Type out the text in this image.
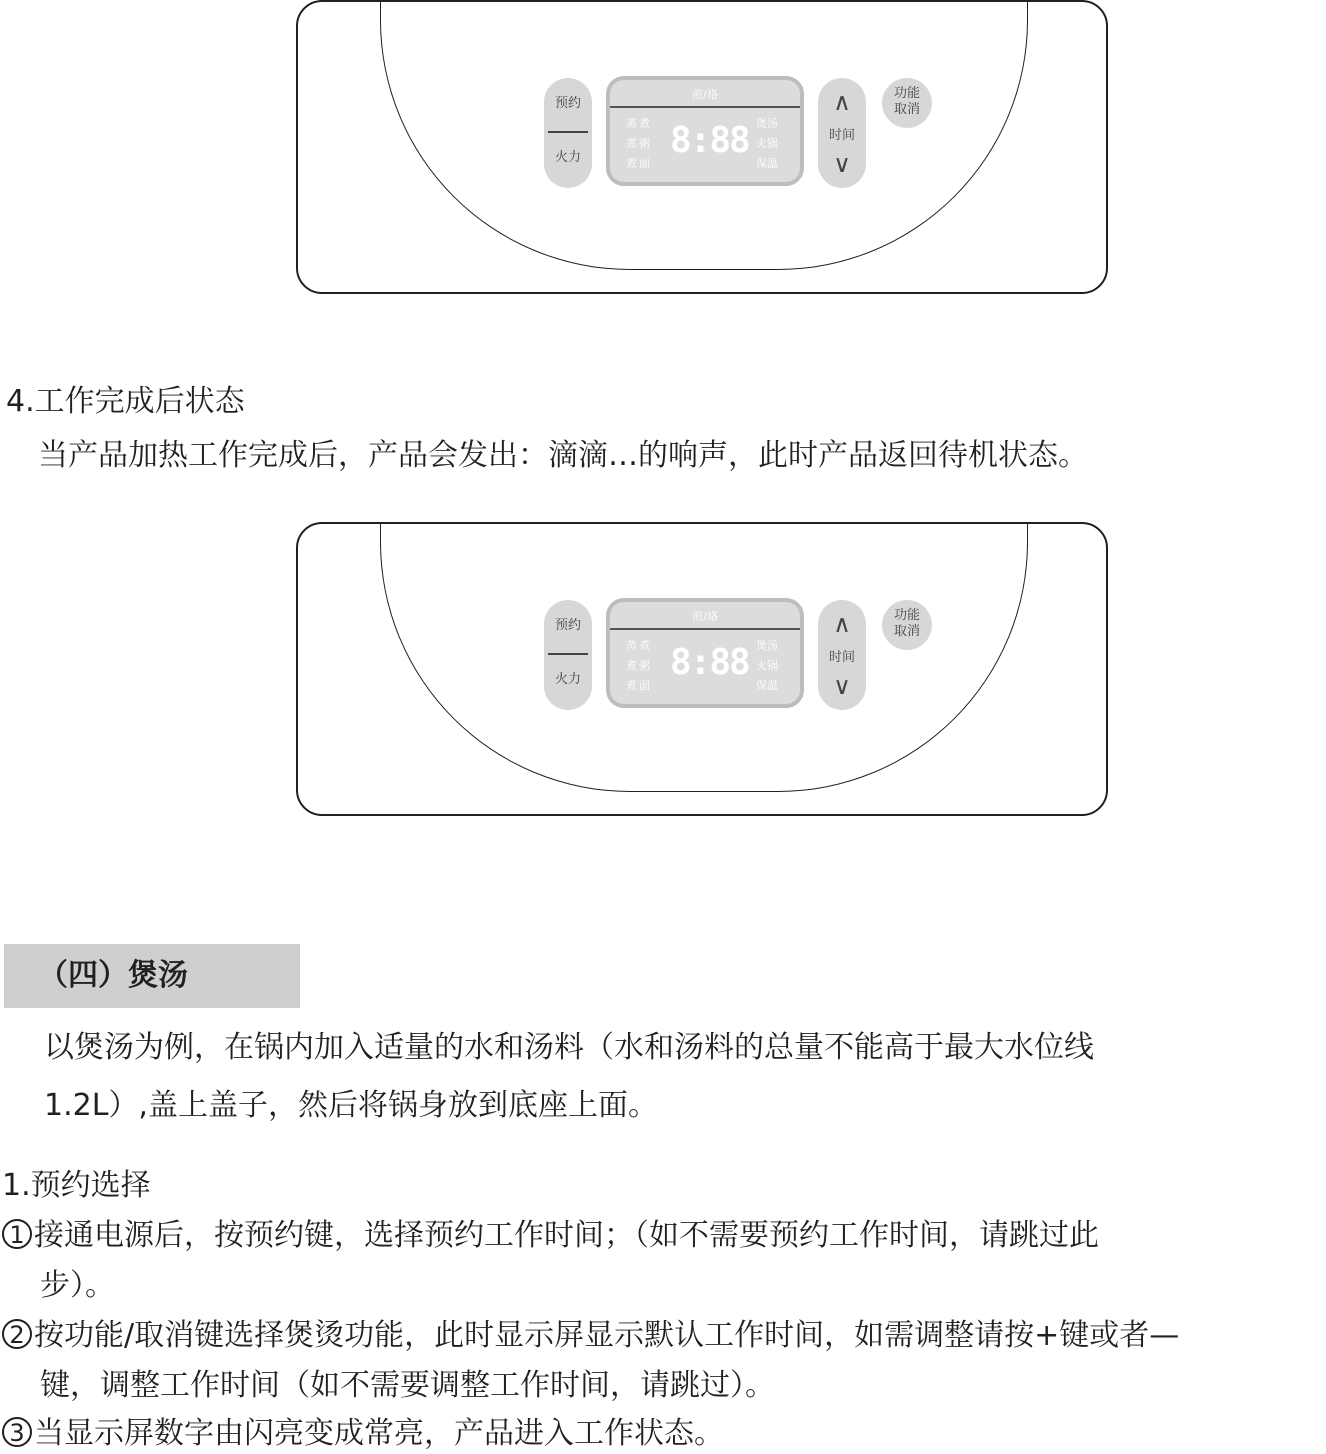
预约
火力
煎/烙
蒸煮
煮粥
煮面
8:88 煲汤
火锅
保温
∧
时间
∨
功能
取消
4.工作完成后状态
当产品加热工作完成后，产品会发出：滴滴…的响声，此时产品返回待机状态。
预约
火力
煎/烙
蒸煮
煮粥
煮面
8:88 煲汤
火锅
保温
∧
时间
∨
功能
取消
（四）煲汤
以煲汤为例，在锅内加入适量的水和汤料（水和汤料的总量不能高于最大水位线
1.2L）,盖上盖子，然后将锅身放到底座上面。
1.预约选择
1 接通电源后，按预约键，选择预约工作时间；（如不需要预约工作时间，请跳过此
步）。
2 按功能/取消键选择煲烫功能，此时显示屏显示默认工作时间，如需调整请按+键或者—
键，调整工作时间（如不需要调整工作时间，请跳过）。
3 当显示屏数字由闪亮变成常亮，产品进入工作状态。
